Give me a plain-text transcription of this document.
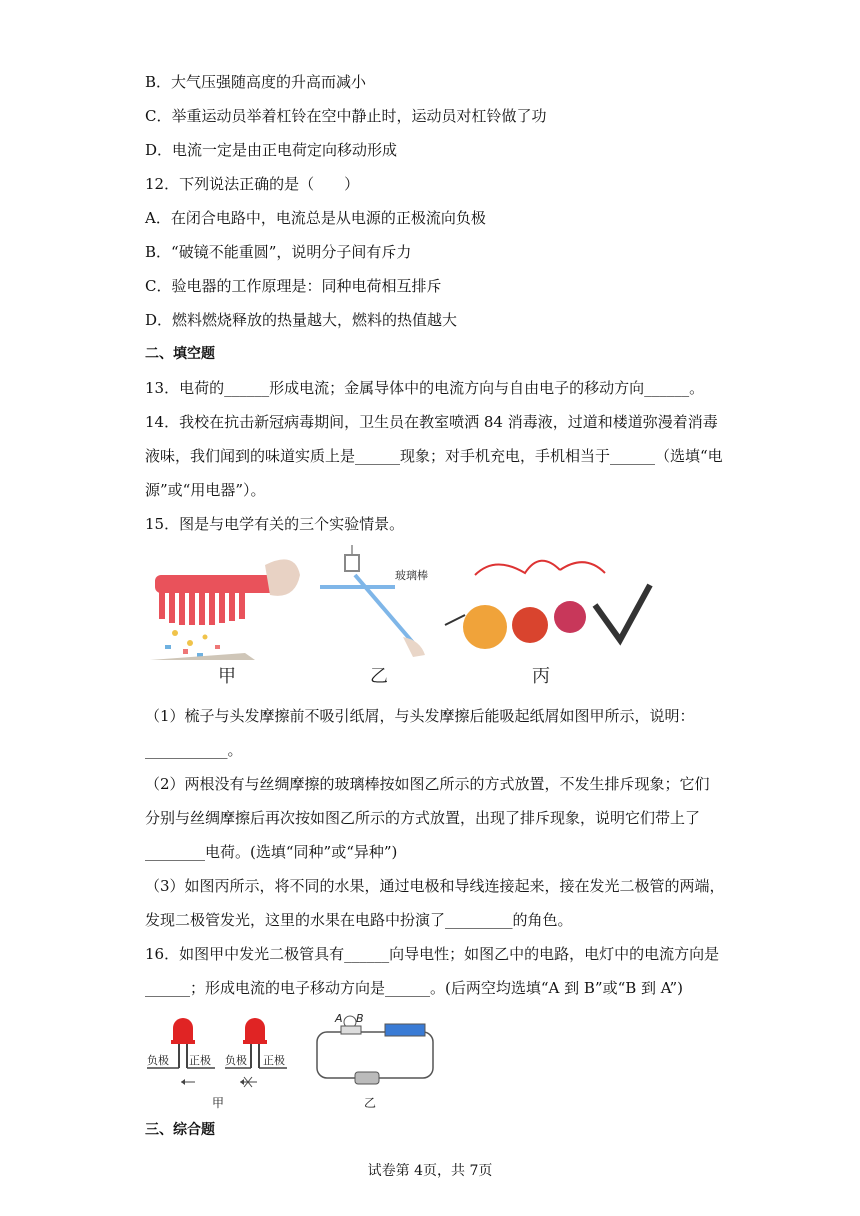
B．大气压强随高度的升高而减小
C．举重运动员举着杠铃在空中静止时，运动员对杠铃做了功
D．电流一定是由正电荷定向移动形成
12．下列说法正确的是（　　）
A．在闭合电路中，电流总是从电源的正极流向负极
B．“破镜不能重圆”，说明分子间有斥力
C．验电器的工作原理是：同种电荷相互排斥
D．燃料燃烧释放的热量越大，燃料的热值越大
二、填空题
13．电荷的______形成电流；金属导体中的电流方向与自由电子的移动方向______。
14．我校在抗击新冠病毒期间，卫生员在教室喷洒 84 消毒液，过道和楼道弥漫着消毒
液味，我们闻到的味道实质上是______现象；对手机充电，手机相当于______（选填“电
源”或“用电器”）。
15．图是与电学有关的三个实验情景。
玻璃棒
甲	乙	丙
（1）梳子与头发摩擦前不吸引纸屑，与头发摩擦后能吸起纸屑如图甲所示，说明：
___________。
（2）两根没有与丝绸摩擦的玻璃棒按如图乙所示的方式放置，不发生排斥现象；它们
分别与丝绸摩擦后再次按如图乙所示的方式放置，出现了排斥现象，说明它们带上了
________电荷。(选填“同种”或“异种”)
（3）如图丙所示，将不同的水果，通过电极和导线连接起来，接在发光二极管的两端，
发现二极管发光，这里的水果在电路中扮演了_________的角色。
16．如图甲中发光二极管具有______向导电性；如图乙中的电路，电灯中的电流方向是
______；形成电流的电子移动方向是______。(后两空均选填“A 到 B”或“B 到 A”)
负极 正极 负极 正极
A B
甲	乙
三、综合题
试卷第 4页，共 7页
